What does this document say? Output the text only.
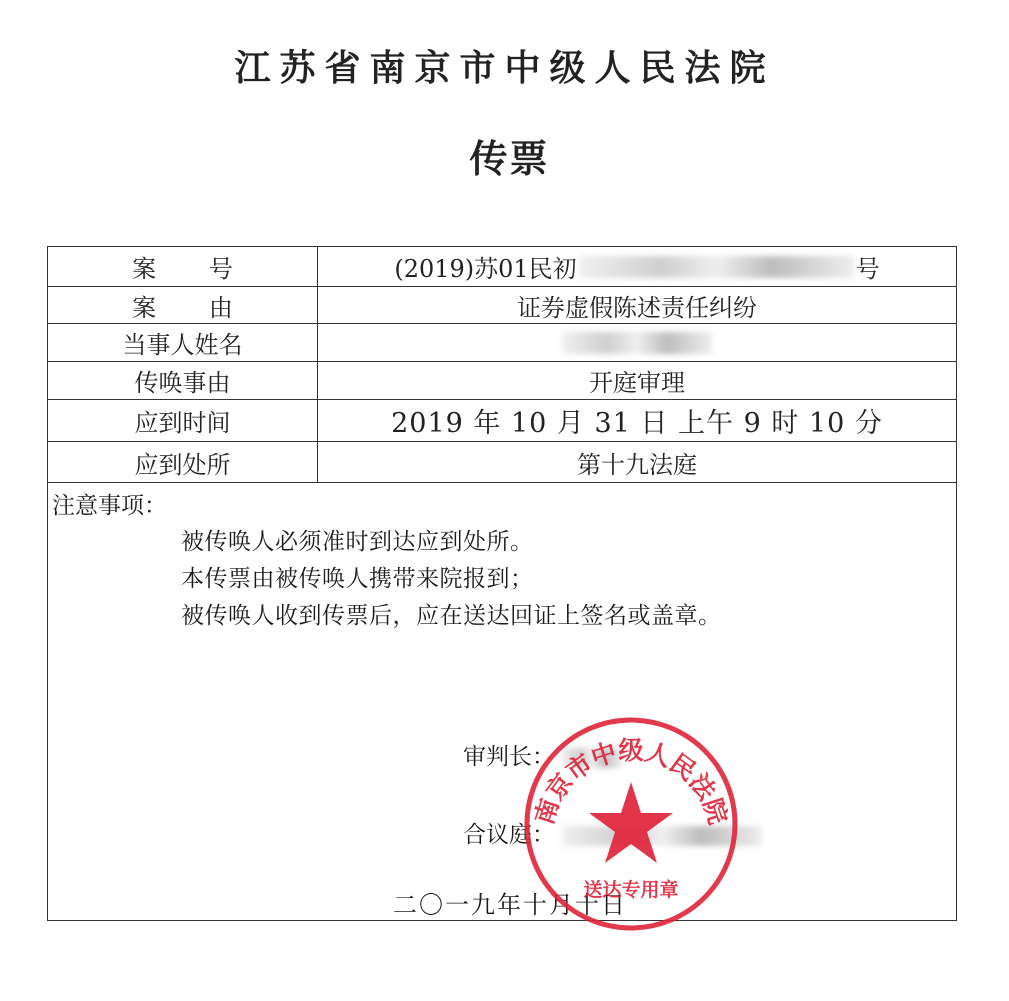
江苏省南京市中级人民法院
传票
案号	(2019)苏01民初	号
案由	证券虚假陈述责任纠纷
当事人姓名
传唤事由	开庭审理
应到时间	2019 年 10 月 31 日 上午 9 时 10 分
应到处所	第十九法庭
注意事项：
被传唤人必须准时到达应到处所。
本传票由被传唤人携带来院报到；
被传唤人收到传票后，应在送达回证上签名或盖章。
审判长：
合议庭：
二〇一九年十月十日
南京市中级人民法院
送达专用章
